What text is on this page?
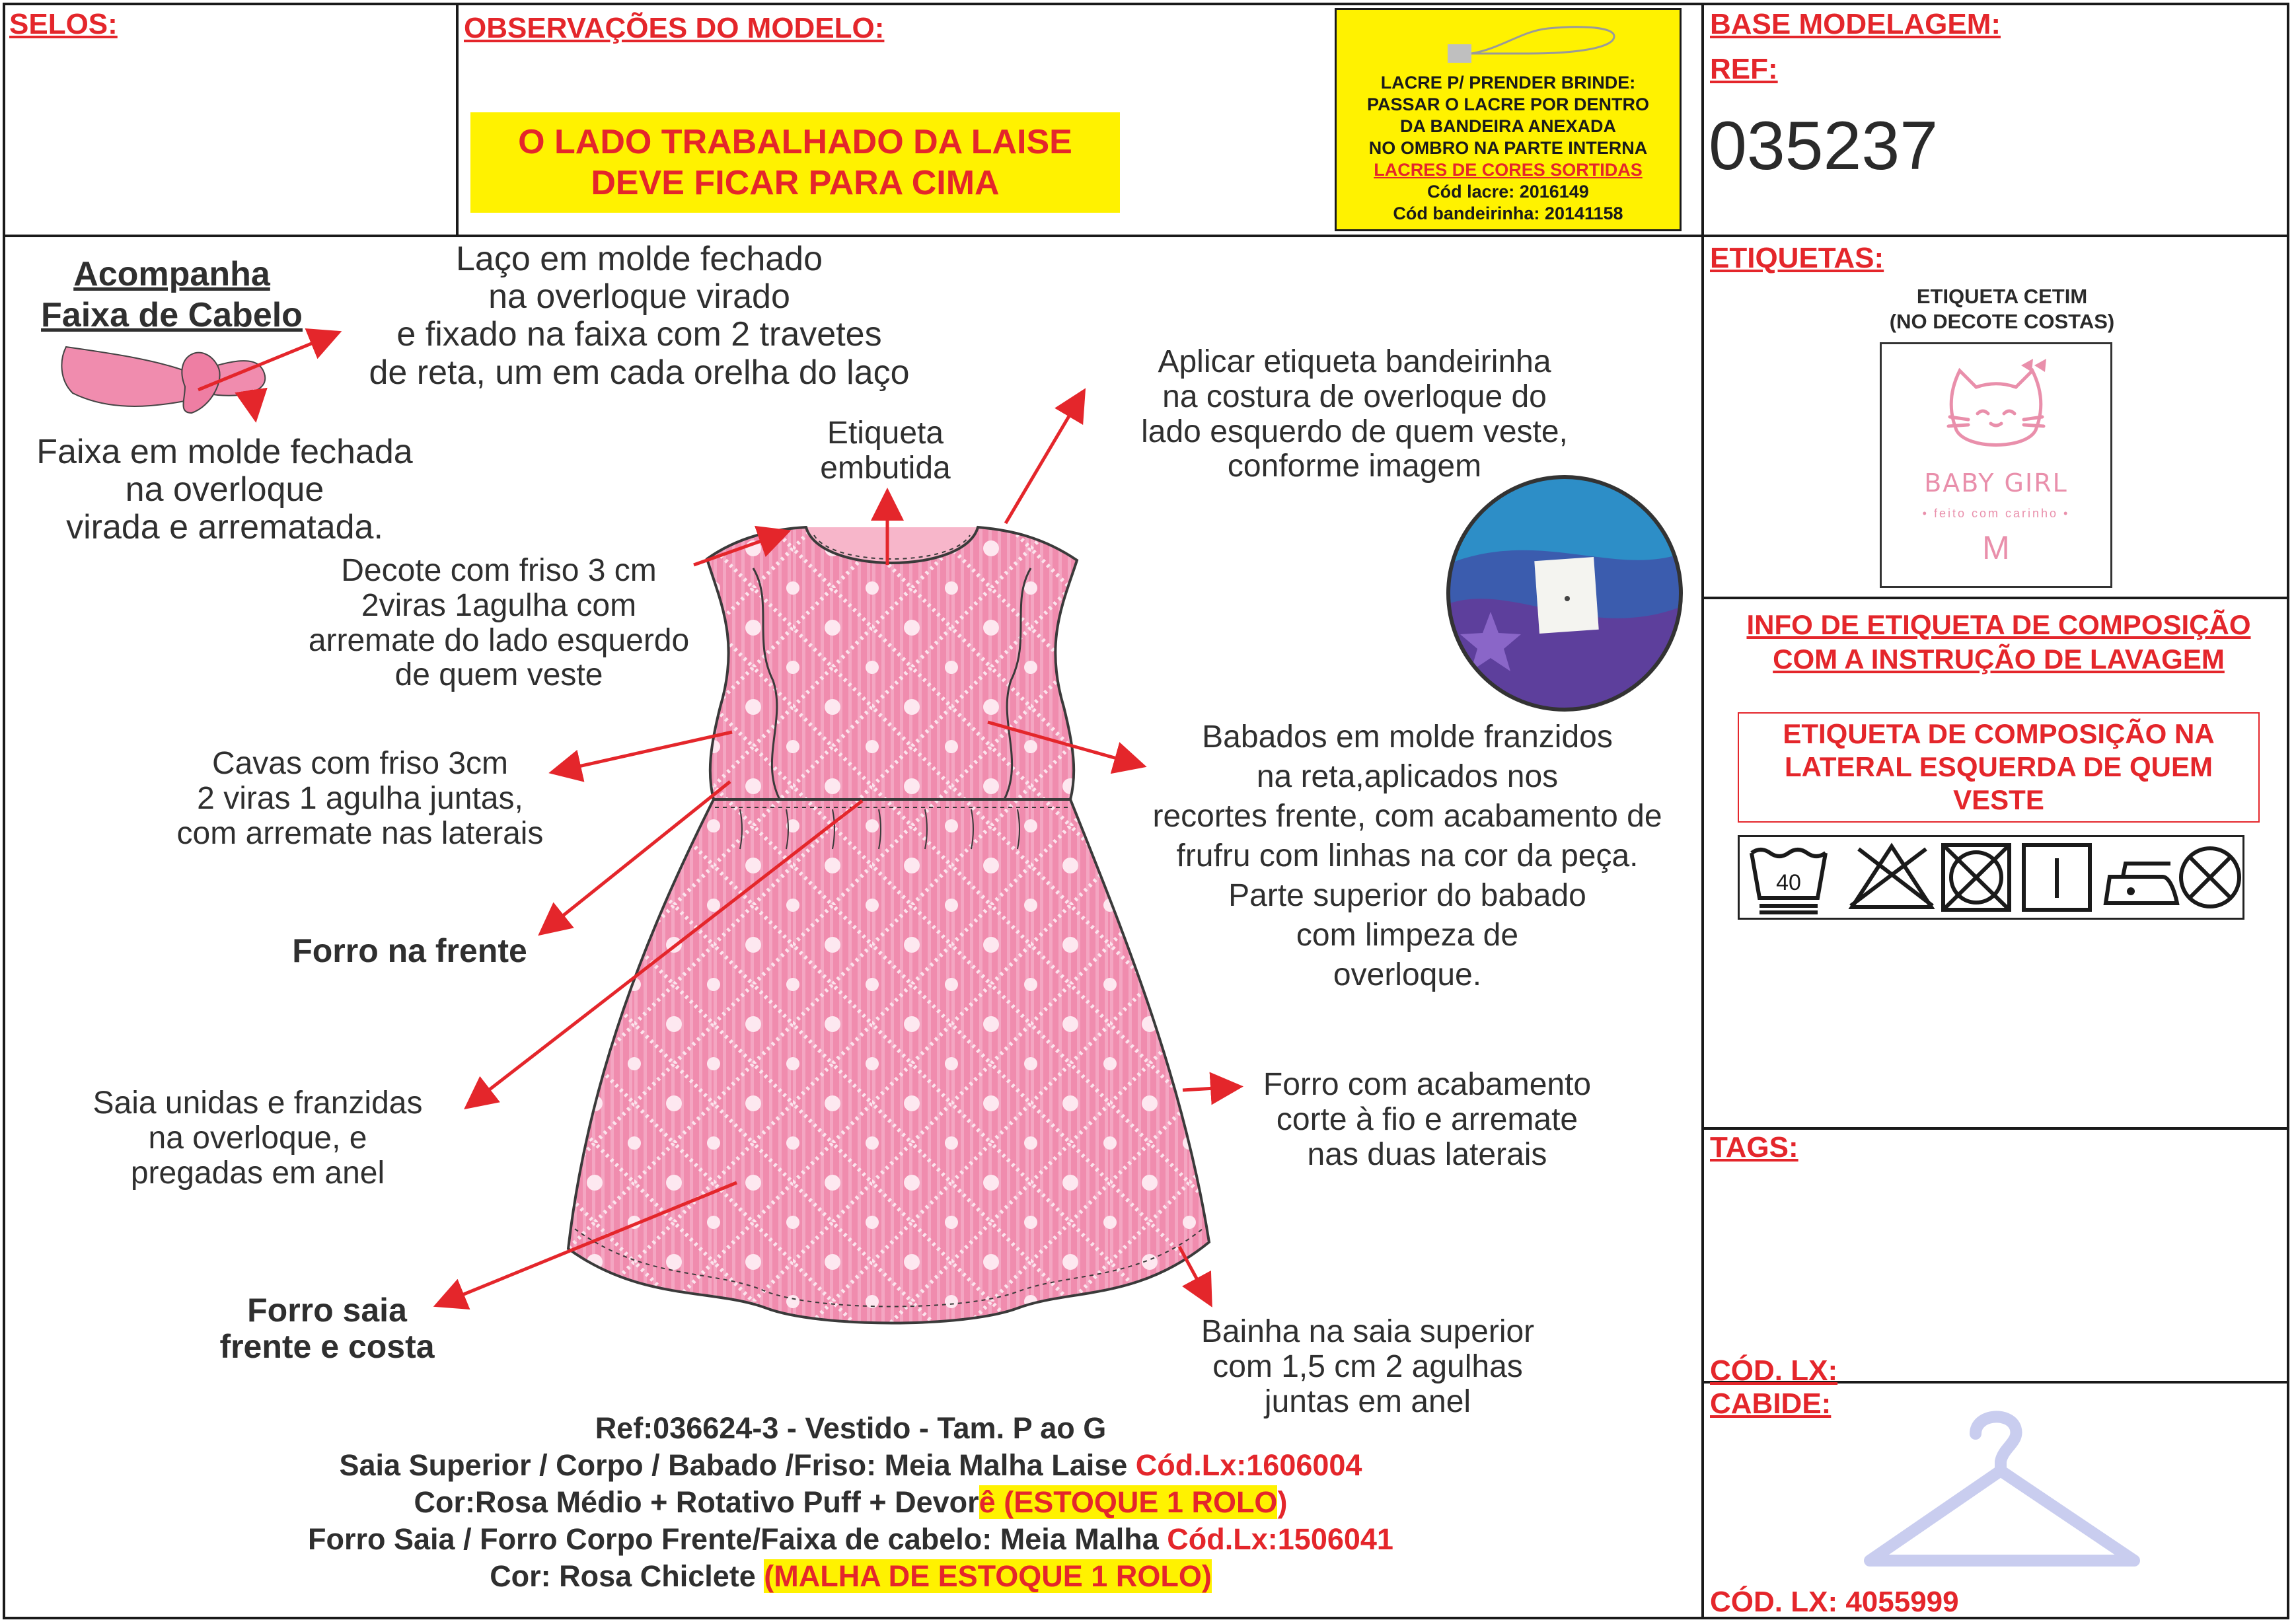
SELOS:	OBSERVAÇÕES DO MODELO:
O LADO TRABALHADO DA LAISE
DEVE FICAR PARA CIMA
LACRE P/ PRENDER BRINDE:
PASSAR O LACRE POR DENTRO
DA BANDEIRA ANEXADA
NO OMBRO NA PARTE INTERNA
LACRES DE CORES SORTIDAS
Cód lacre: 2016149
Cód bandeirinha: 20141158
BASE MODELAGEM:
REF:
035237
ETIQUETAS:
ETIQUETA CETIM
(NO DECOTE COSTAS)
BABY GIRL
• feito com carinho •
M
INFO DE ETIQUETA DE COMPOSIÇÃO
COM A INSTRUÇÃO DE LAVAGEM
ETIQUETA DE COMPOSIÇÃO NA
LATERAL ESQUERDA DE QUEM
VESTE
40
TAGS:
CÓD. LX:
CABIDE:
CÓD. LX: 4055999
Acompanha
Faixa de Cabelo
Laço em molde fechado
na overloque virado
e fixado na faixa com 2 travetes
de reta, um em cada orelha do laço
Faixa em molde fechada
na overloque
virada e arrematada.
Etiqueta
embutida
Aplicar etiqueta bandeirinha
na costura de overloque do
lado esquerdo de quem veste,
conforme imagem
Decote com friso 3 cm
2viras 1agulha com
arremate do lado esquerdo
de quem veste
Cavas com friso 3cm
2 viras 1 agulha juntas,
com arremate nas laterais
Forro na frente
Babados em molde franzidos
na reta,aplicados nos
recortes frente, com acabamento de
frufru com linhas na cor da peça.
Parte superior do babado
com limpeza de
overloque.
Saia unidas e franzidas
na overloque, e
pregadas em anel
Forro com acabamento
corte à fio e arremate
nas duas laterais
Forro saia
frente e costa	Bainha na saia superior
com 1,5 cm 2 agulhas
juntas em anel
Ref:036624-3 - Vestido - Tam. P ao G
Saia Superior / Corpo / Babado /Friso: Meia Malha Laise Cód.Lx:1606004
Cor:Rosa Médio + Rotativo Puff + Devorê (ESTOQUE 1 ROLO)
Forro Saia / Forro Corpo Frente/Faixa de cabelo: Meia Malha Cód.Lx:1506041
Cor: Rosa Chiclete (MALHA DE ESTOQUE 1 ROLO)
